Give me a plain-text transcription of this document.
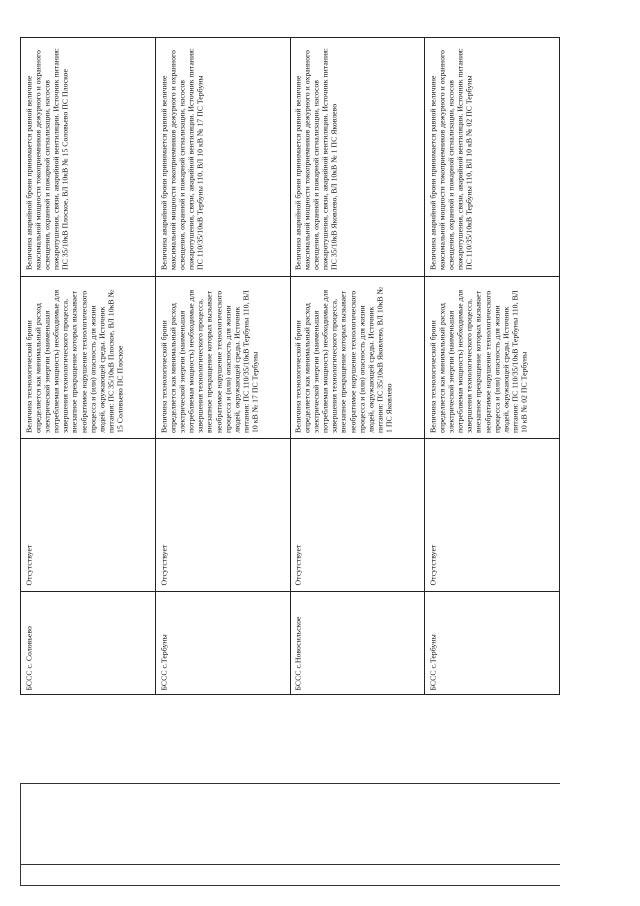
Величина аварийной брони принимается равной величине максимальной мощности токоприемников дежурного и охранного освещения, охранной и пожарной сигнализации, насосов пожаротушения, связи, аварийной вентиляции. Источник питания: ПС 35/10кВ Плоское, ВЛ 10кВ № 15 Соловьево ПС Плоское
Величина технологической брони определяется как минимальный расход электрической энергии (наименьшая потребляемая мощность) необходимые для завершения технологического процесса, внезапное прекращение которых вызывает необратимое нарушение технологического процесса и (или) опасность для жизни людей, окружающей среды. Источник питания: ПС 35/10кВ Плоское, ВЛ 10кВ № 15 Соловьево ПС Плоское
Отсутствует
БССС с. Соловьево
Величина аварийной брони принимается равной величине максимальной мощности токоприемников дежурного и охранного освещения, охранной и пожарной сигнализации, насосов пожаротушения, связи, аварийной вентиляции. Источник питания: ПС 110/35/10кВ Тербуны 110, ВЛ 10 кВ № 17 ПС Тербуны
Величина технологической брони определяется как минимальный расход электрической энергии (наименьшая потребляемая мощность) необходимые для завершения технологического процесса, внезапное прекращение которых вызывает необратимое нарушение технологического процесса и (или) опасность для жизни людей, окружающей среды. Источник питания: ПС 110/35/10кВ Тербуны 110, ВЛ 10 кВ № 17 ПС Тербуны
Отсутствует
БССС с.Тербуны
Величина аварийной брони принимается равной величине максимальной мощности токоприемников дежурного и охранного освещения, охранной и пожарной сигнализации, насосов пожаротушения, связи, аварийной вентиляции. Источник питания: ПС 35/10кВ Яковлево, ВЛ 10кВ № 1 ПС Яковлево
Величина технологической брони определяется как минимальный расход электрической энергии (наименьшая потребляемая мощность) необходимые для завершения технологического процесса, внезапное прекращение которых вызывает необратимое нарушение технологического процесса и (или) опасность для жизни людей, окружающей среды. Источник питания: ПС 35/10кВ Яковлево, ВЛ 10кВ № 1 ПС Яковлево
Отсутствует
БССС с.Новосильское
Величина аварийной брони принимается равной величине максимальной мощности токоприемников дежурного и охранного освещения, охранной и пожарной сигнализации, насосов пожаротушения, связи, аварийной вентиляции. Источник питания: ПС 110/35/10кВ Тербуны 110, ВЛ 10 кВ № 02 ПС Тербуны
Величина технологической брони определяется как минимальный расход электрической энергии (наименьшая потребляемая мощность) необходимые для завершения технологического процесса, внезапное прекращение которых вызывает необратимое нарушение технологического процесса и (или) опасность для жизни людей, окружающей среды. Источник питания: ПС 110/35/10кВ Тербуны 110, ВЛ 10 кВ № 02 ПС Тербуны
Отсутствует
БССС с.Тербуны
